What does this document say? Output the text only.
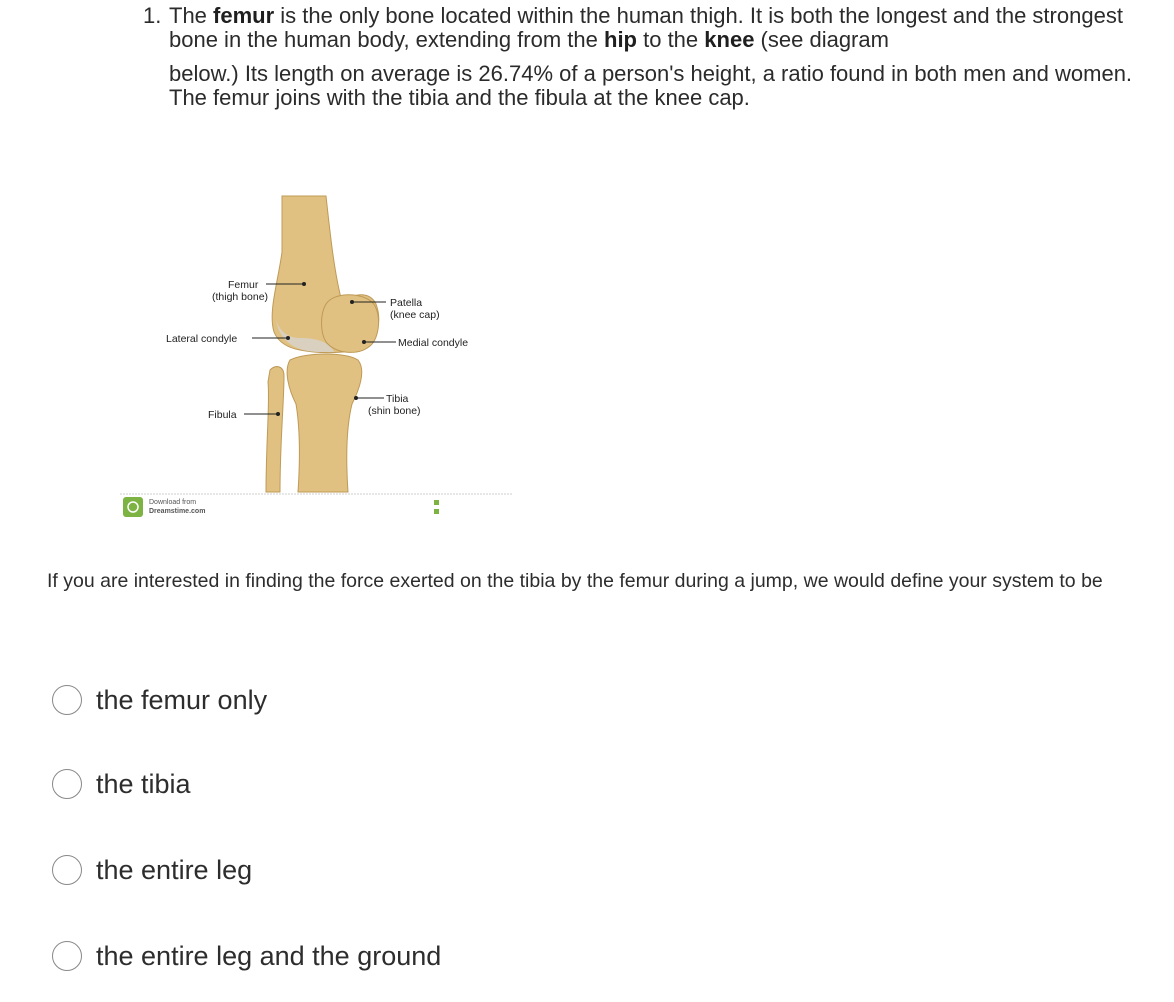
1. The femur is the only bone located within the human thigh. It is both the longest and the strongest bone in the human body, extending from the hip to the knee (see diagram

below.) Its length on average is 26.74% of a person's height, a ratio found in both men and women. The femur joins with the tibia and the fibula at the knee cap.

Femur
(thigh bone)	Patella
(knee cap)
Lateral condyle	Medial condyle
Tibia
(shin bone)
Fibula
Download from
Dreamstime.com
If you are interested in finding the force exerted on the tibia by the femur during a jump, we would define your system to be
the femur only
the tibia
the entire leg
the entire leg and the ground
